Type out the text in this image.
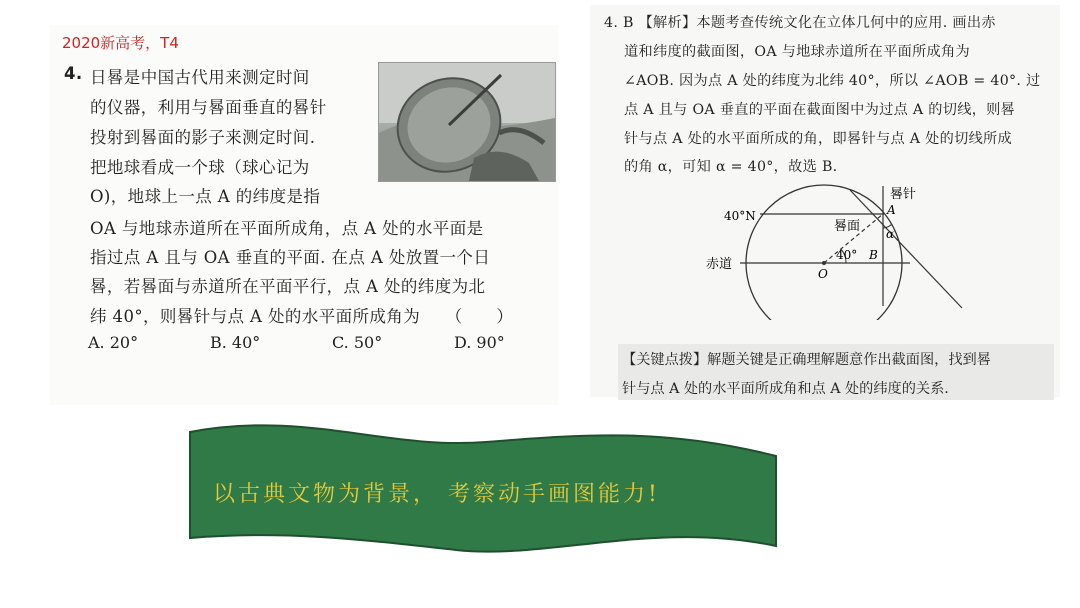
2020新高考，T4
4. 日晷是中国古代用来测定时间
的仪器，利用与晷面垂直的晷针
投射到晷面的影子来测定时间.
把地球看成一个球（球心记为
O)，地球上一点 A 的纬度是指
OA 与地球赤道所在平面所成角，点 A 处的水平面是
指过点 A 且与 OA 垂直的平面. 在点 A 处放置一个日
晷，若晷面与赤道所在平面平行，点 A 处的纬度为北
纬 40°，则晷针与点 A 处的水平面所成角为　　（　　）
A. 20°	B. 40°	C. 50°	D. 90°
4. B 【解析】本题考查传统文化在立体几何中的应用. 画出赤
道和纬度的截面图，OA 与地球赤道所在平面所成角为
∠AOB. 因为点 A 处的纬度为北纬 40°，所以 ∠AOB = 40°. 过
点 A 且与 OA 垂直的平面在截面图中为过点 A 的切线，则晷
针与点 A 处的水平面所成的角，即晷针与点 A 处的切线所成
的角 α，可知 α = 40°，故选 B.
晷针
40°N
晷面
A
α
赤道
40° B
O
【关键点拨】解题关键是正确理解题意作出截面图，找到晷
针与点 A 处的水平面所成角和点 A 处的纬度的关系.
以古典文物为背景， 考察动手画图能力!
